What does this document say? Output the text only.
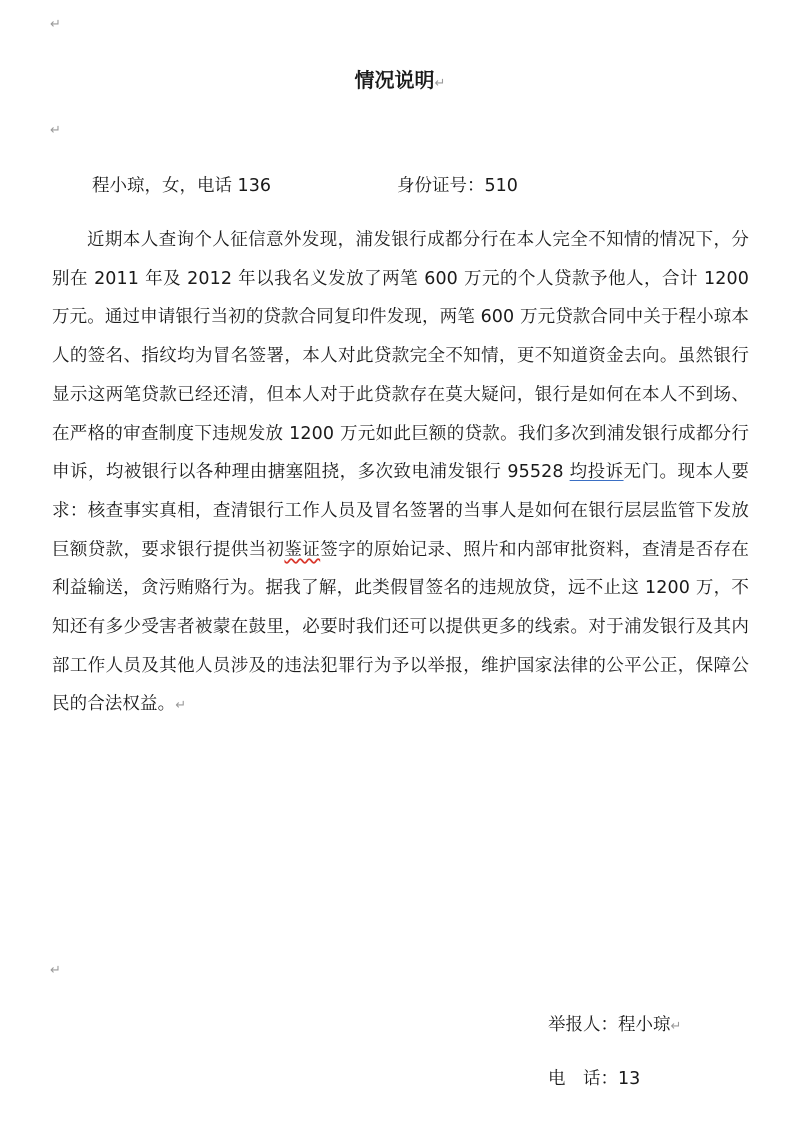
↵
情况说明↵
↵
程小琼，女，电话 136	身份证号：510

近期本人查询个人征信意外发现，浦发银行成都分行在本人完全不知情的情况下，分别在 2011 年及 2012 年以我名义发放了两笔 600 万元的个人贷款予他人，合计 1200 万元。通过申请银行当初的贷款合同复印件发现，两笔 600 万元贷款合同中关于程小琼本人的签名、指纹均为冒名签署，本人对此贷款完全不知情，更不知道资金去向。虽然银行显示这两笔贷款已经还清，但本人对于此贷款存在莫大疑问，银行是如何在本人不到场、在严格的审查制度下违规发放 1200 万元如此巨额的贷款。我们多次到浦发银行成都分行申诉，均被银行以各种理由搪塞阻挠，多次致电浦发银行 95528 均投诉无门。现本人要求：核查事实真相，查清银行工作人员及冒名签署的当事人是如何在银行层层监管下发放巨额贷款，要求银行提供当初鉴证签字的原始记录、照片和内部审批资料，查清是否存在利益输送，贪污贿赂行为。据我了解，此类假冒签名的违规放贷，远不止这 1200 万，不知还有多少受害者被蒙在鼓里，必要时我们还可以提供更多的线索。对于浦发银行及其内部工作人员及其他人员涉及的违法犯罪行为予以举报，维护国家法律的公平公正，保障公民的合法权益。↵

↵
举报人：程小琼↵
电　话：13
